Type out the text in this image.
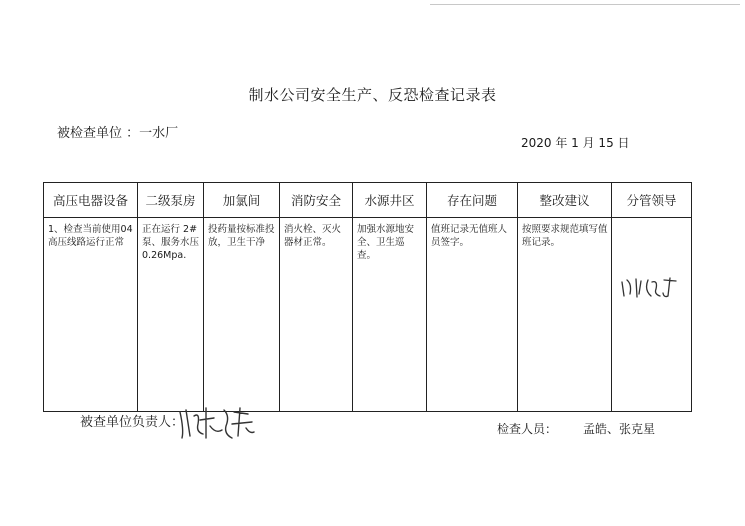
制水公司安全生产、反恐检查记录表
被检查单位 ：一水厂
2020 年 1 月 15 日
高压电器设备	二级泵房	加氯间	消防安全	水源井区	存在问题	整改建议	分管领导
1、检查当前使用04 高压线路运行正常	正在运行 2#泵、服务水压0.26Mpa.	投药量按标准投放，卫生干净	消火栓、灭火器材正常。	加强水源地安全、卫生巡查。	值班记录无值班人员签字。	按照要求规范填写值班记录。	
被查单位负责人：	检查人员： 孟皓、张克星
